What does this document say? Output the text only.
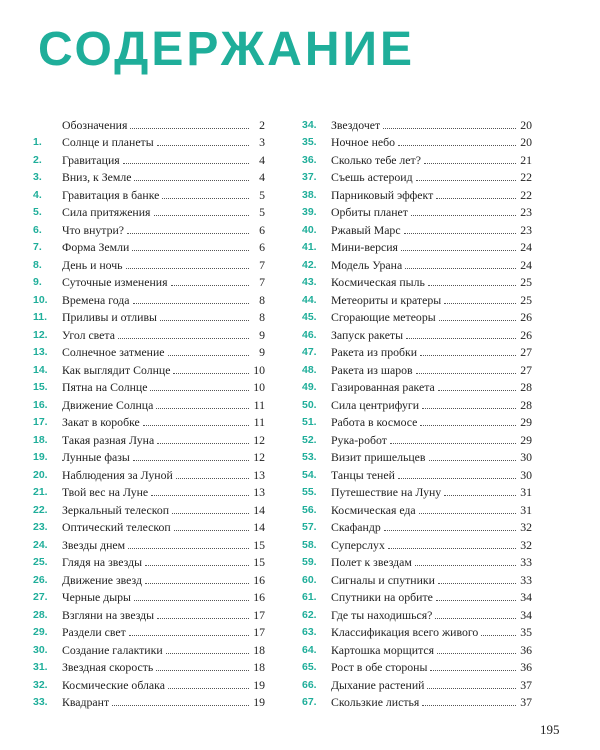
СОДЕРЖАНИЕ
Обозначения	2
1.	Солнце и планеты	3
2.	Гравитация	4
3.	Вниз, к Земле	4
4.	Гравитация в банке	5
5.	Сила притяжения	5
6.	Что внутри?	6
7.	Форма Земли	6
8.	День и ночь	7
9.	Суточные изменения	7
10.	Времена года	8
11.	Приливы и отливы	8
12.	Угол света	9
13.	Солнечное затмение	9
14.	Как выглядит Солнце	10
15.	Пятна на Солнце	10
16.	Движение Солнца	11
17.	Закат в коробке	11
18.	Такая разная Луна	12
19.	Лунные фазы	12
20.	Наблюдения за Луной	13
21.	Твой вес на Луне	13
22.	Зеркальный телескоп	14
23.	Оптический телескоп	14
24.	Звезды днем	15
25.	Глядя на звезды	15
26.	Движение звезд	16
27.	Черные дыры	16
28.	Взгляни на звезды	17
29.	Раздели свет	17
30.	Создание галактики	18
31.	Звездная скорость	18
32.	Космические облака	19
33.	Квадрант	19
34.	Звездочет	20
35.	Ночное небо	20
36.	Сколько тебе лет?	21
37.	Съешь астероид	22
38.	Парниковый эффект	22
39.	Орбиты планет	23
40.	Ржавый Марс	23
41.	Мини-версия	24
42.	Модель Урана	24
43.	Космическая пыль	25
44.	Метеориты и кратеры	25
45.	Сгорающие метеоры	26
46.	Запуск ракеты	26
47.	Ракета из пробки	27
48.	Ракета из шаров	27
49.	Газированная ракета	28
50.	Сила центрифуги	28
51.	Работа в космосе	29
52.	Рука-робот	29
53.	Визит пришельцев	30
54.	Танцы теней	30
55.	Путешествие на Луну	31
56.	Космическая еда	31
57.	Скафандр	32
58.	Суперслух	32
59.	Полет к звездам	33
60.	Сигналы и спутники	33
61.	Спутники на орбите	34
62.	Где ты находишься?	34
63.	Классификация всего живого	35
64.	Картошка морщится	36
65.	Рост в обе стороны	36
66.	Дыхание растений	37
67.	Скользкие листья	37
195
